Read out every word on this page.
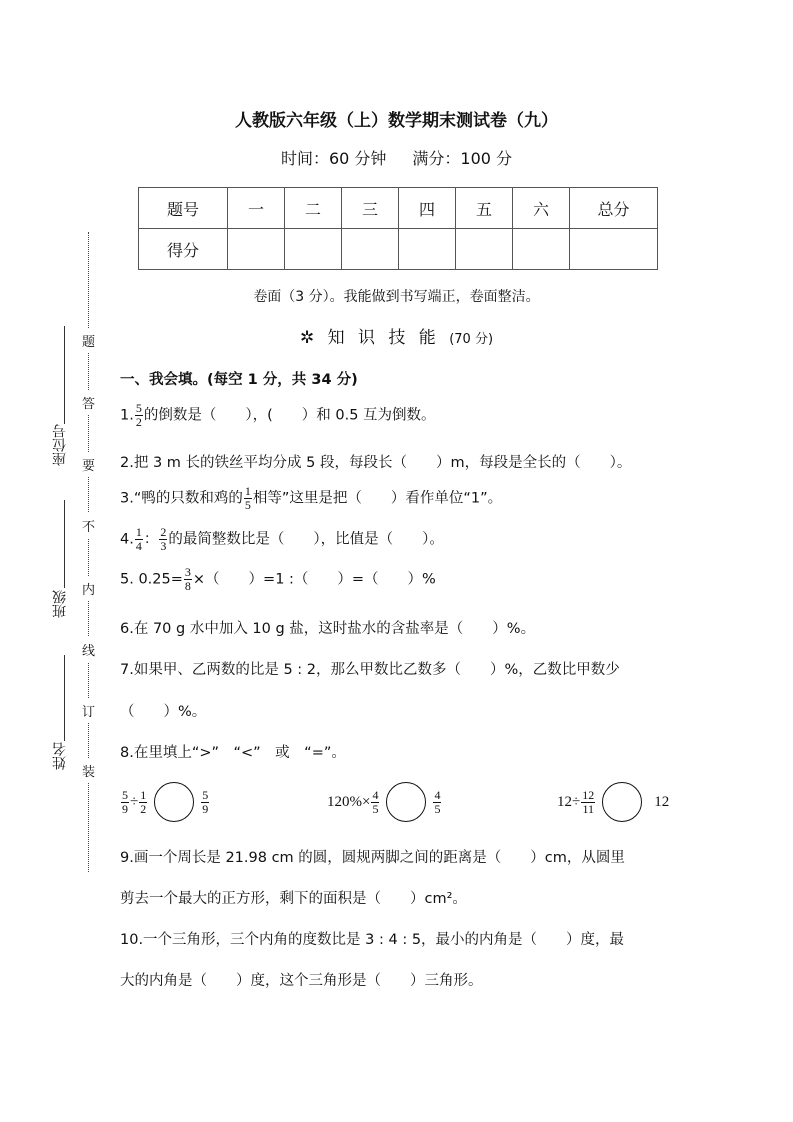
题
答
要
不
内
线
订
装
座位号
班级
姓名
人教版六年级（上）数学期末测试卷（九）
时间：60 分钟 满分：100 分
题号	一	二	三	四	五	六	总分
得分							
卷面（3 分）。我能做到书写端正，卷面整洁。
✲ 知 识 技 能 (70 分)
一、我会填。(每空 1 分，共 34 分)
1. $\frac{5}{2}$ 的倒数是（　　），(　　）和 0.5 互为倒数。
2.把 3 m 长的铁丝平均分成 5 段，每段长（　　）m，每段是全长的（　　）。
3.“鸭的只数和鸡的 $\frac{1}{5}$ 相等”这里是把（　　）看作单位“1”。
4. $\frac{1}{4}$ ： $\frac{2}{3}$ 的最简整数比是（　　），比值是（　　）。
5. $0.25= \frac{3}{8}$ ×（　　）=1 :（　　）=（　　）%
6.在 70 g 水中加入 10 g 盐，这时盐水的含盐率是（　　）%。
7.如果甲、乙两数的比是 5 : 2，那么甲数比乙数多（　　）%，乙数比甲数少
（　　）%。
8.在里填上“>”　“<”　或　“=”。
$\frac{5}{9} \div \frac{1}{2}$	$\frac{5}{9}$	$120\% \times \frac{4}{5}$	$\frac{4}{5}$	$12 \div \frac{12}{11}$	12
9.画一个周长是 21.98 cm 的圆，圆规两脚之间的距离是（　　）cm，从圆里
剪去一个最大的正方形，剩下的面积是（　　）cm²。
10.一个三角形，三个内角的度数比是 3 : 4 : 5，最小的内角是（　　）度，最
大的内角是（　　）度，这个三角形是（　　）三角形。
